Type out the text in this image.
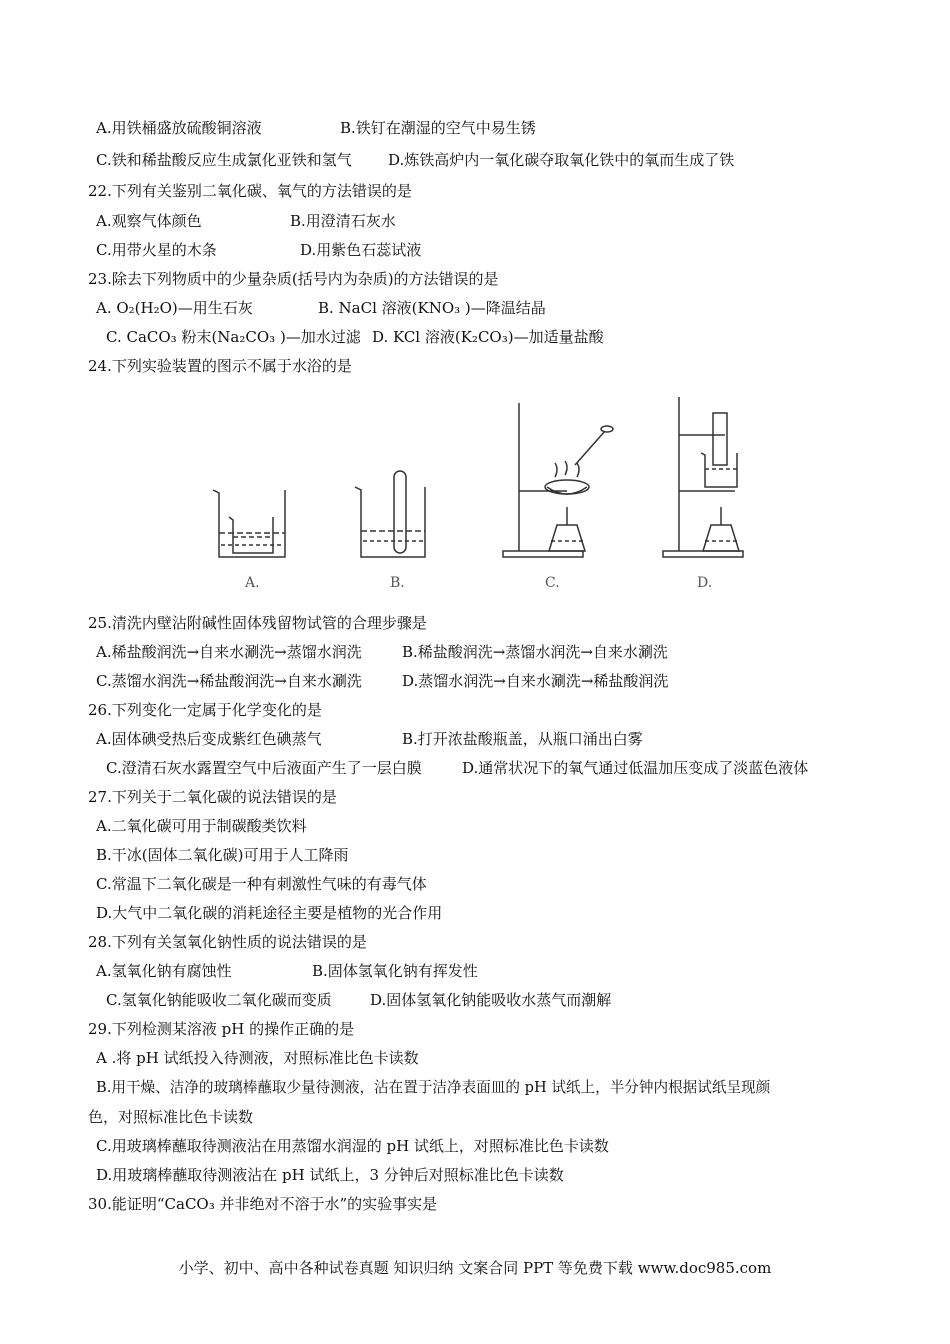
A.用铁桶盛放硫酸铜溶液	B.铁钉在潮湿的空气中易生锈
C.铁和稀盐酸反应生成氯化亚铁和氢气 D.炼铁高炉内一氧化碳夺取氧化铁中的氧而生成了铁
22.下列有关鉴别二氧化碳、氧气的方法错误的是
A.观察气体颜色	B.用澄清石灰水
C.用带火星的木条	D.用紫色石蕊试液
23.除去下列物质中的少量杂质(括号内为杂质)的方法错误的是
A. O₂(H₂O)—用生石灰	B. NaCl 溶液(KNO₃ )—降温结晶
C. CaCO₃ 粉末(Na₂CO₃ )—加水过滤 D. KCl 溶液(K₂CO₃)—加适量盐酸
24.下列实验装置的图示不属于水浴的是
A.	B.	C.	D.
25.清洗内壁沾附碱性固体残留物试管的合理步骤是
A.稀盐酸润洗→自来水涮洗→蒸馏水润洗	B.稀盐酸润洗→蒸馏水润洗→自来水涮洗
C.蒸馏水润洗→稀盐酸润洗→自来水涮洗	D.蒸馏水润洗→自来水涮洗→稀盐酸润洗
26.下列变化一定属于化学变化的是
A.固体碘受热后变成紫红色碘蒸气	B.打开浓盐酸瓶盖，从瓶口涌出白雾
C.澄清石灰水露置空气中后液面产生了一层白膜	D.通常状况下的氧气通过低温加压变成了淡蓝色液体
27.下列关于二氧化碳的说法错误的是
A.二氧化碳可用于制碳酸类饮料
B.干冰(固体二氧化碳)可用于人工降雨
C.常温下二氧化碳是一种有刺激性气味的有毒气体
D.大气中二氧化碳的消耗途径主要是植物的光合作用
28.下列有关氢氧化钠性质的说法错误的是
A.氢氧化钠有腐蚀性	B.固体氢氧化钠有挥发性
C.氢氧化钠能吸收二氧化碳而变质	D.固体氢氧化钠能吸收水蒸气而潮解
29.下列检测某溶液 pH 的操作正确的是
A .将 pH 试纸投入待测液，对照标准比色卡读数
B.用干燥、洁净的玻璃棒蘸取少量待测液，沾在置于洁净表面皿的 pH 试纸上，半分钟内根据试纸呈现颜
色，对照标准比色卡读数
C.用玻璃棒蘸取待测液沾在用蒸馏水润湿的 pH 试纸上，对照标准比色卡读数
D.用玻璃棒蘸取待测液沾在 pH 试纸上，3 分钟后对照标准比色卡读数
30.能证明“CaCO₃ 并非绝对不溶于水”的实验事实是
小学、初中、高中各种试卷真题 知识归纳 文案合同 PPT 等免费下载 www.doc985.com
